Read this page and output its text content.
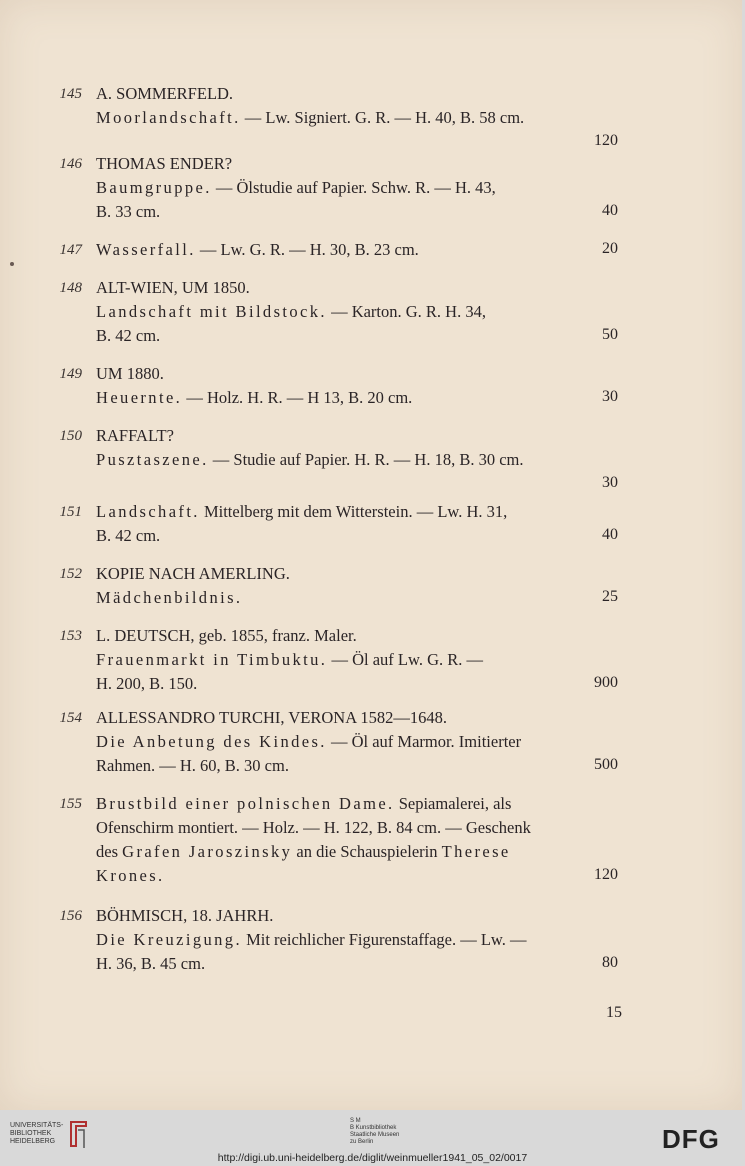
145 A. SOMMERFELD.
Moorlandschaft. — Lw. Signiert. G. R. — H. 40, B. 58 cm.
120
146 THOMAS ENDER?
Baumgruppe. — Ölstudie auf Papier. Schw. R. — H. 43,
B. 33 cm.	40
147 Wasserfall. — Lw. G. R. — H. 30, B. 23 cm.	20
148 ALT-WIEN, UM 1850.
Landschaft mit Bildstock. — Karton. G. R. H. 34,
B. 42 cm.	50
149 UM 1880.
Heuernte. — Holz. H. R. — H 13, B. 20 cm.	30
150 RAFFALT?
Pusztaszene. — Studie auf Papier. H. R. — H. 18, B. 30 cm.
30
151 Landschaft. Mittelberg mit dem Witterstein. — Lw. H. 31,
B. 42 cm.	40
152 KOPIE NACH AMERLING.
Mädchenbildnis.	25
153 L. DEUTSCH, geb. 1855, franz. Maler.
Frauenmarkt in Timbuktu. — Öl auf Lw. G. R. —
H. 200, B. 150.	900
154 ALLESSANDRO TURCHI, VERONA 1582—1648.
Die Anbetung des Kindes. — Öl auf Marmor. Imitierter
Rahmen. — H. 60, B. 30 cm.	500
155 Brustbild einer polnischen Dame. Sepiamalerei, als
Ofenschirm montiert. — Holz. — H. 122, B. 84 cm. — Geschenk
des Grafen Jaroszinsky an die Schauspielerin Therese
Krones.	120
156 BÖHMISCH, 18. JAHRH.
Die Kreuzigung. Mit reichlicher Figurenstaffage. — Lw. —
H. 36, B. 45 cm.	80
15
UNIVERSITÄTS-
BIBLIOTHEK
HEIDELBERG
S M
B Kunstbibliothek
Staatliche Museen
zu Berlin	DFG
http://digi.ub.uni-heidelberg.de/diglit/weinmueller1941_05_02/0017
